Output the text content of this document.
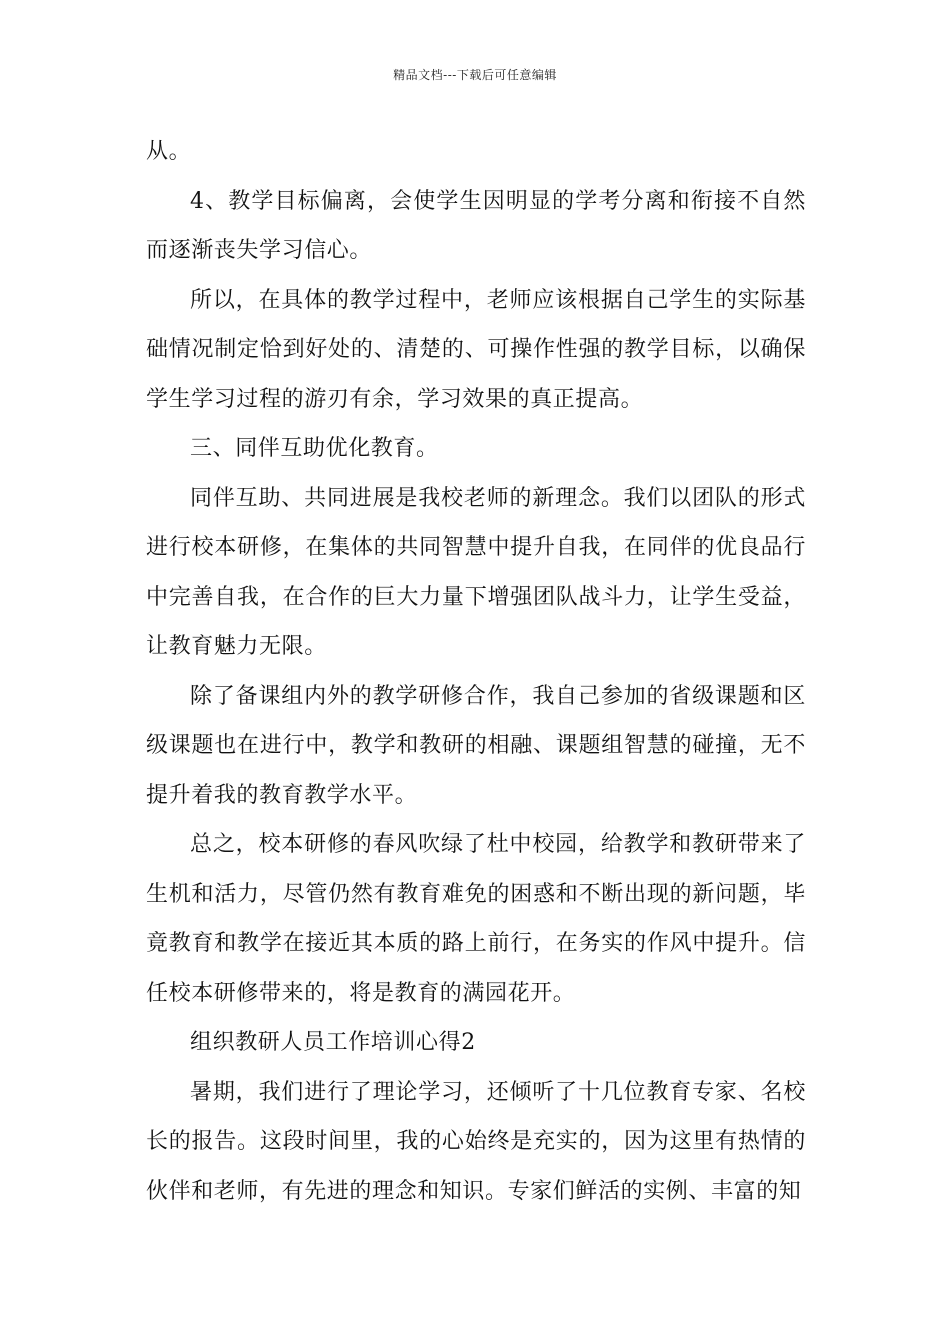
精品文档---下载后可任意编辑

从。

4、教学目标偏离，会使学生因明显的学考分离和衔接不自然而逐渐丧失学习信心。

所以，在具体的教学过程中，老师应该根据自己学生的实际基础情况制定恰到好处的、清楚的、可操作性强的教学目标，以确保学生学习过程的游刃有余，学习效果的真正提高。

三、同伴互助优化教育。

同伴互助、共同进展是我校老师的新理念。我们以团队的形式进行校本研修，在集体的共同智慧中提升自我，在同伴的优良品行中完善自我，在合作的巨大力量下增强团队战斗力，让学生受益，让教育魅力无限。

除了备课组内外的教学研修合作，我自己参加的省级课题和区级课题也在进行中，教学和教研的相融、课题组智慧的碰撞，无不提升着我的教育教学水平。

总之，校本研修的春风吹绿了杜中校园，给教学和教研带来了生机和活力，尽管仍然有教育难免的困惑和不断出现的新问题，毕竟教育和教学在接近其本质的路上前行，在务实的作风中提升。信任校本研修带来的，将是教育的满园花开。

组织教研人员工作培训心得2

暑期，我们进行了理论学习，还倾听了十几位教育专家、名校长的报告。这段时间里，我的心始终是充实的，因为这里有热情的伙伴和老师，有先进的理念和知识。专家们鲜活的实例、丰富的知
